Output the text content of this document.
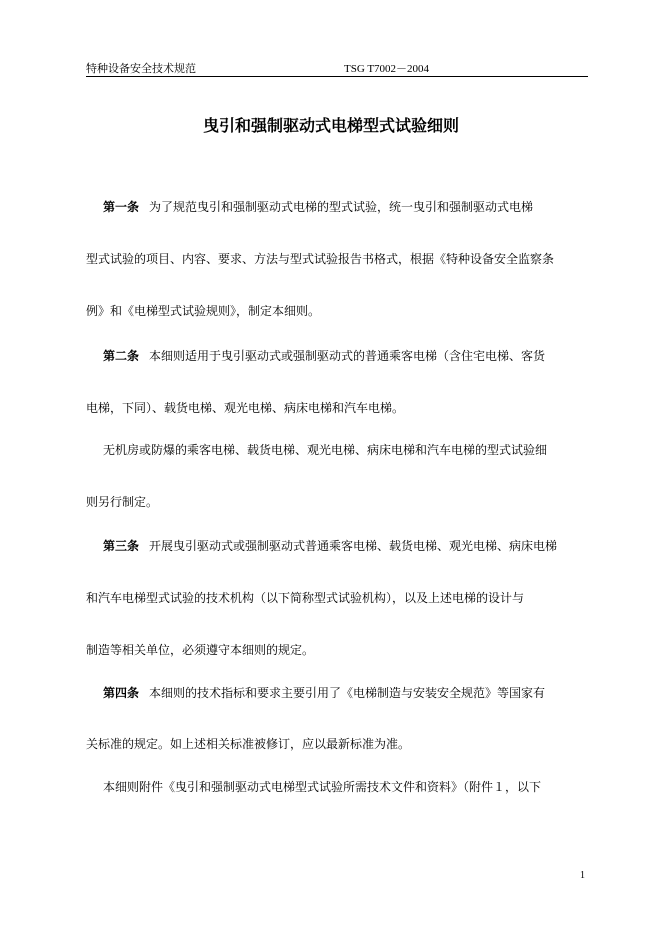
特种设备安全技术规范	TSG T7002－2004
曳引和强制驱动式电梯型式试验细则
第一条 为了规范曳引和强制驱动式电梯的型式试验，统一曳引和强制驱动式电梯
型式试验的项目、内容、要求、方法与型式试验报告书格式，根据《特种设备安全监察条
例》和《电梯型式试验规则》，制定本细则。
第二条 本细则适用于曳引驱动式或强制驱动式的普通乘客电梯（含住宅电梯、客货
电梯，下同）、载货电梯、观光电梯、病床电梯和汽车电梯。
无机房或防爆的乘客电梯、载货电梯、观光电梯、病床电梯和汽车电梯的型式试验细
则另行制定。
第三条 开展曳引驱动式或强制驱动式普通乘客电梯、载货电梯、观光电梯、病床电梯
和汽车电梯型式试验的技术机构（以下简称型式试验机构），以及上述电梯的设计与
制造等相关单位，必须遵守本细则的规定。
第四条 本细则的技术指标和要求主要引用了《电梯制造与安装安全规范》等国家有
关标准的规定。如上述相关标准被修订，应以最新标准为准。
本细则附件《曳引和强制驱动式电梯型式试验所需技术文件和资料》（附件１，以下
1
